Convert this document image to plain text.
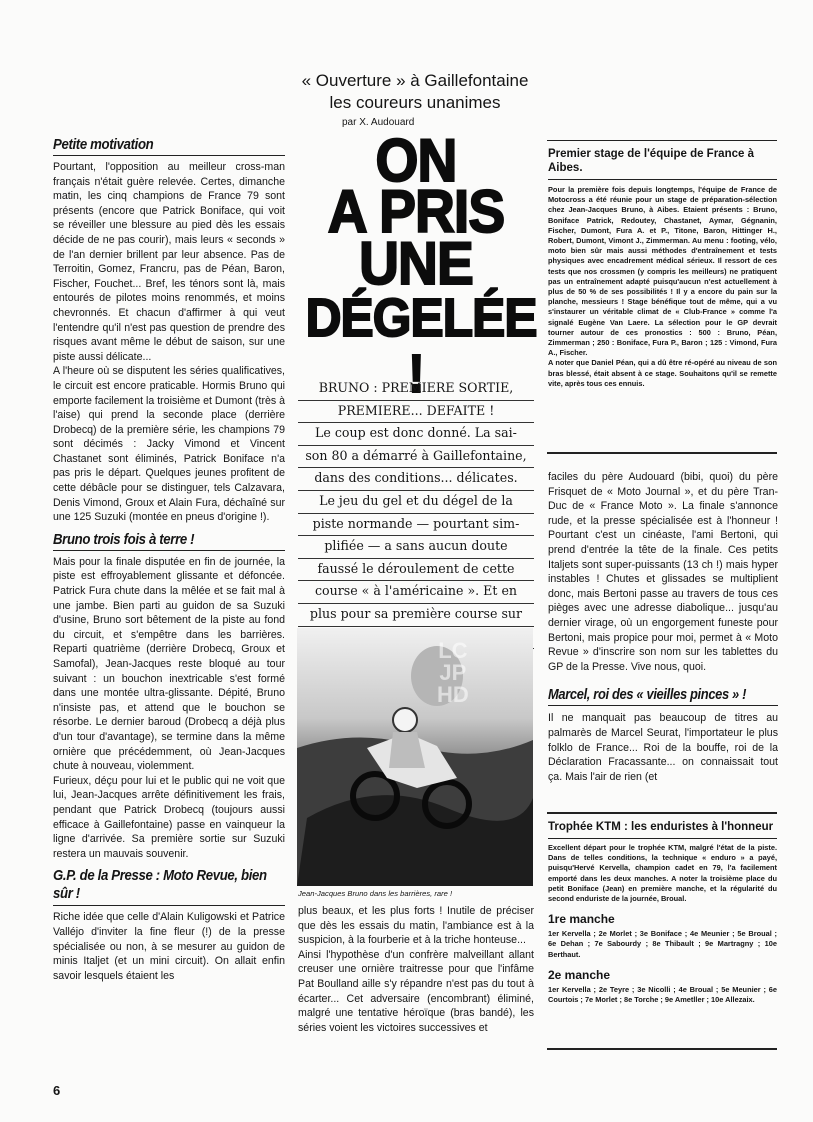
« Ouverture » à Gaillefontaine
les coureurs unanimes
par X. Audouard
Petite motivation

Pourtant, l'opposition au meilleur cross-man français n'était guère relevée. Certes, dimanche matin, les cinq champions de France 79 sont présents (encore que Patrick Boniface, qui voit se réveiller une blessure au pied dès les essais décide de ne pas courir), mais leurs « seconds » de l'an dernier brillent par leur absence. Pas de Terroitin, Gomez, Francru, pas de Péan, Baron, Fischer, Fouchet... Bref, les ténors sont là, mais entourés de pilotes moins renommés, et moins chevronnés. Et chacun d'affirmer à qui veut l'entendre qu'il n'est pas question de prendre des risques avant même le début de saison, sur une piste aussi délicate...

A l'heure où se disputent les séries qualificatives, le circuit est encore praticable. Hormis Bruno qui emporte facilement la troisième et Dumont (très à l'aise) qui prend la seconde place (derrière Drobecq) de la première série, les champions 79 sont décimés : Jacky Vimond et Vincent Chastanet sont éliminés, Patrick Boniface n'a pas pris le départ. Quelques jeunes profitent de cette débâcle pour se distinguer, tels Calzavara, Denis Vimond, Groux et Alain Fura, déchaîné sur une 125 Suzuki (montée en pneus d'origine !).

Bruno trois fois à terre !

Mais pour la finale disputée en fin de journée, la piste est effroyablement glissante et défoncée. Patrick Fura chute dans la mêlée et se fait mal à une jambe. Bien parti au guidon de sa Suzuki d'usine, Bruno sort bêtement de la piste au fond du circuit, et s'empêtre dans les barrières. Reparti quatrième (derrière Drobecq, Groux et Samofal), Jean-Jacques reste bloqué au tour suivant : un bouchon inextricable s'est formé dans une montée ultra-glissante. Dépité, Bruno n'insiste pas, et attend que le bouchon se résorbe. Le dernier baroud (Drobecq a déjà plus d'un tour d'avantage), se termine dans la même ornière que précédemment, où Jean-Jacques chute à nouveau, violemment.

Furieux, déçu pour lui et le public qui ne voit que lui, Jean-Jacques arrête définitivement les frais, pendant que Patrick Drobecq (toujours aussi efficace à Gaillefontaine) passe en vainqueur la ligne d'arrivée. Sa première sortie sur Suzuki restera un mauvais souvenir.

G.P. de la Presse : Moto Revue, bien sûr !

Riche idée que celle d'Alain Kuligowski et Patrice Valléjo d'inviter la fine fleur (!) de la presse spécialisée ou non, à se mesurer au guidon de minis Italjet (et un mini circuit). On allait enfin savoir lesquels étaient les

ON
A PRIS
UNE
DÉGELÉE !

BRUNO : PREMIERE SORTIE,

PREMIERE... DEFAITE !

Le coup est donc donné. La sai-

son 80 a démarré à Gaillefontaine,

dans des conditions... délicates.

Le jeu du gel et du dégel de la

piste normande — pourtant sim-

plifiée — a sans aucun doute

faussé le déroulement de cette

course « à l'américaine ». Et en

plus pour sa première course sur

LC
JP
HD
Jean-Jacques Bruno dans les barrières, rare !

plus beaux, et les plus forts ! Inutile de préciser que dès les essais du matin, l'ambiance est à la suspicion, à la fourberie et à la triche honteuse...

Ainsi l'hypothèse d'un confrère malveillant allant creuser une ornière traitresse pour que l'infâme Pat Boulland aille s'y répandre n'est pas du tout à écarter... Cet adversaire (encombrant) éliminé, malgré une tentative héroïque (bras bandé), les séries voient les victoires successives et

Premier stage de l'équipe de France à Aibes.

Pour la première fois depuis longtemps, l'équipe de France de Motocross a été réunie pour un stage de préparation-sélection chez Jean-Jacques Bruno, à Aibes. Etaient présents : Bruno, Boniface Patrick, Redoutey, Chastanet, Aymar, Gégnanin, Fischer, Dumont, Fura A. et P., Titone, Baron, Hittinger H., Robert, Dumont, Vimont J., Zimmerman. Au menu : footing, vélo, moto bien sûr mais aussi méthodes d'entraînement et tests physiques avec encadrement médical sérieux. Il ressort de ces tests que nos crossmen (y compris les meilleurs) ne pratiquent pas un entraînement adapté puisqu'aucun n'est actuellement à plus de 50 % de ses possibilités ! Il y a encore du pain sur la planche, messieurs ! Stage bénéfique tout de même, qui a vu s'instaurer un véritable climat de « Club-France » comme l'a signalé Eugène Van Laere. La sélection pour le GP devrait tourner autour de ces pronostics : 500 : Bruno, Péan, Zimmerman ; 250 : Boniface, Fura P., Baron ; 125 : Vimond, Fura A., Fischer.

A noter que Daniel Péan, qui a dû être ré-opéré au niveau de son bras blessé, était absent à ce stage. Souhaitons qu'il se remette vite, après tous ces ennuis.

faciles du père Audouard (bibi, quoi) du père Frisquet de « Moto Journal », et du père Tran-Duc de « France Moto ». La finale s'annonce rude, et la presse spécialisée est à l'honneur ! Pourtant c'est un cinéaste, l'ami Bertoni, qui prend d'entrée la tête de la finale. Ces petits Italjets sont super-puissants (13 ch !) mais hyper instables ! Chutes et glissades se multiplient donc, mais Bertoni passe au travers de tous ces pièges avec une adresse diabolique... jusqu'au dernier virage, où un engorgement funeste pour Bertoni, mais propice pour moi, permet à « Moto Revue » d'inscrire son nom sur les tablettes du GP de la Presse. Vive nous, quoi.

Marcel, roi des « vieilles pinces » !

Il ne manquait pas beaucoup de titres au palmarès de Marcel Seurat, l'importateur le plus folklo de France... Roi de la bouffe, roi de la Déclaration Fracassante... on connaissait tout ça. Mais l'air de rien (et

Trophée KTM : les enduristes à l'honneur

Excellent départ pour le trophée KTM, malgré l'état de la piste. Dans de telles conditions, la technique « enduro » a payé, puisqu'Hervé Kervella, champion cadet en 79, l'a facilement emporté dans les deux manches. A noter la troisième place du petit Boniface (Jean) en première manche, et la régularité du second enduriste de la journée, Broual.

1re manche

1er Kervella ; 2e Morlet ; 3e Boniface ; 4e Meunier ; 5e Broual ; 6e Dehan ; 7e Sabourdy ; 8e Thibault ; 9e Martragny ; 10e Berthaut.

2e manche

1er Kervella ; 2e Teyre ; 3e Nicolli ; 4e Broual ; 5e Meunier ; 6e Courtois ; 7e Morlet ; 8e Torche ; 9e Ametller ; 10e Allezaix.

6
